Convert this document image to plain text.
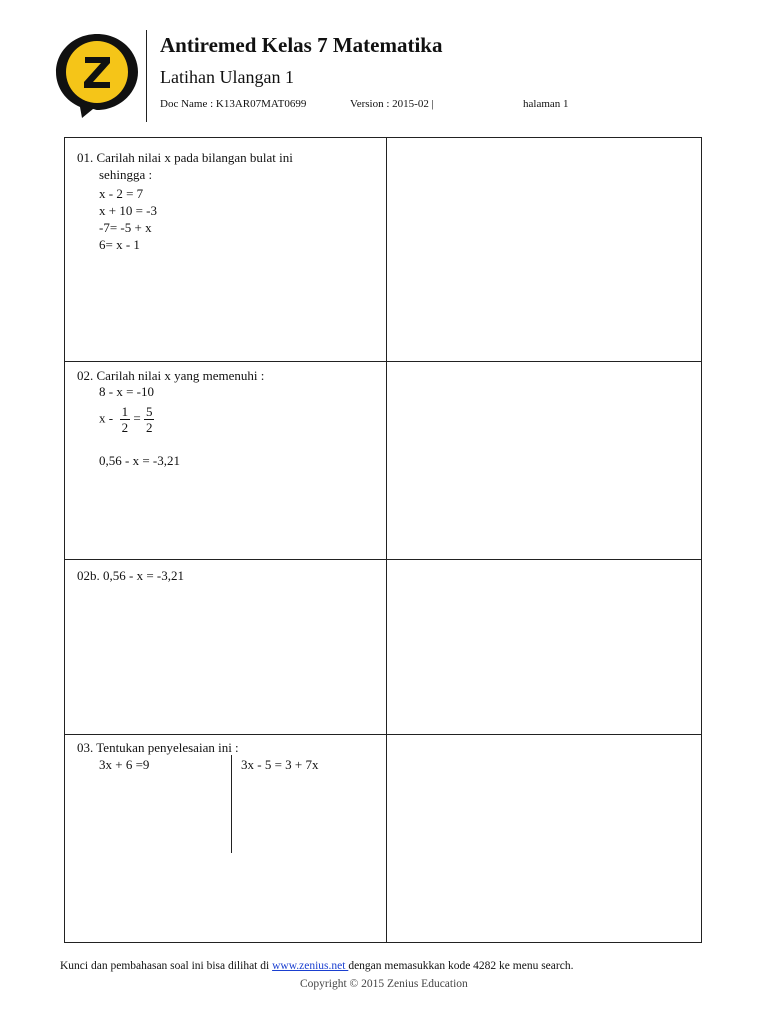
Antiremed Kelas 7 Matematika
Latihan Ulangan 1
Doc Name : K13AR07MAT0699	Version : 2015-02 |	halaman 1
01. Carilah nilai x pada bilangan bulat ini
sehingga :
x - 2 = 7
x + 10 = -3
-7= -5 + x
6= x - 1
02. Carilah nilai x yang memenuhi :
8 - x = -10
$x - \frac{1}{2} = \frac{5}{2}$
0,56 - x = -3,21
02b. 0,56 - x = -3,21
03. Tentukan penyelesaian ini :
3x + 6 =9	3x - 5 = 3 + 7x
Kunci dan pembahasan soal ini bisa dilihat di www.zenius.net dengan memasukkan kode 4282 ke menu search.
Copyright © 2015 Zenius Education
